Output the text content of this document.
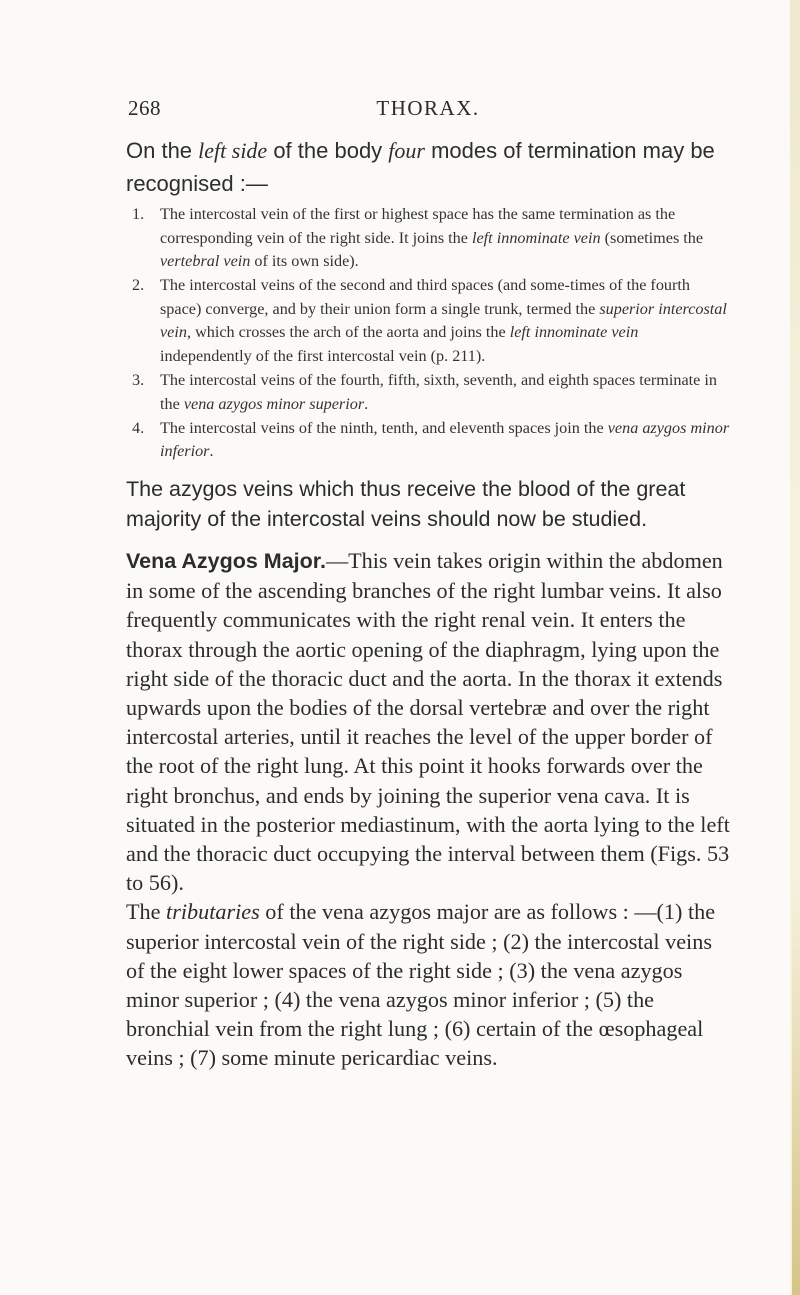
268	THORAX.

On the left side of the body four modes of termination may be recognised :—

1. The intercostal vein of the first or highest space has the same termination as the corresponding vein of the right side. It joins the left innominate vein (sometimes the vertebral vein of its own side).
2. The intercostal veins of the second and third spaces (and some-times of the fourth space) converge, and by their union form a single trunk, termed the superior intercostal vein, which crosses the arch of the aorta and joins the left innominate vein independently of the first intercostal vein (p. 211).
3. The intercostal veins of the fourth, fifth, sixth, seventh, and eighth spaces terminate in the vena azygos minor superior.
4. The intercostal veins of the ninth, tenth, and eleventh spaces join the vena azygos minor inferior.

The azygos veins which thus receive the blood of the great majority of the intercostal veins should now be studied.

Vena Azygos Major.—This vein takes origin within the abdomen in some of the ascending branches of the right lumbar veins. It also frequently communicates with the right renal vein. It enters the thorax through the aortic opening of the diaphragm, lying upon the right side of the thoracic duct and the aorta. In the thorax it extends upwards upon the bodies of the dorsal vertebræ and over the right intercostal arteries, until it reaches the level of the upper border of the root of the right lung. At this point it hooks forwards over the right bronchus, and ends by joining the superior vena cava. It is situated in the posterior mediastinum, with the aorta lying to the left and the thoracic duct occupying the interval between them (Figs. 53 to 56).

The tributaries of the vena azygos major are as follows : —(1) the superior intercostal vein of the right side ; (2) the intercostal veins of the eight lower spaces of the right side ; (3) the vena azygos minor superior ; (4) the vena azygos minor inferior ; (5) the bronchial vein from the right lung ; (6) certain of the œsophageal veins ; (7) some minute pericardiac veins.
